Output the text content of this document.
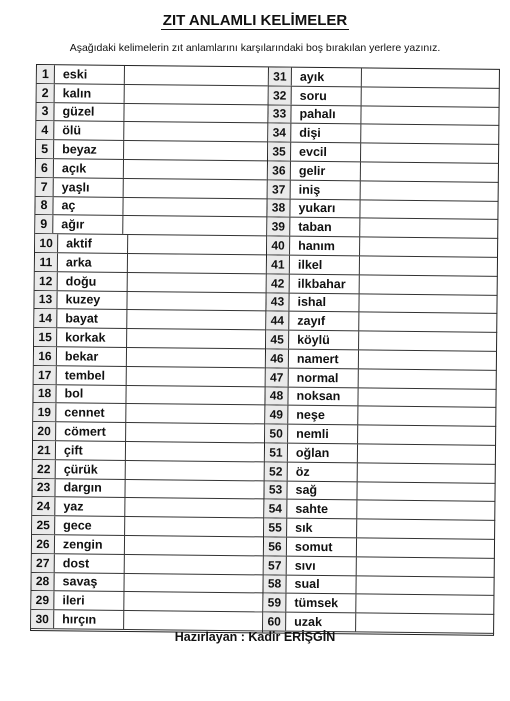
ZIT ANLAMLI KELİMELER
Aşağıdaki kelimelerin zıt anlamlarını karşılarındaki boş bırakılan yerlere yazınız.
1	eski
2	kalın
3	güzel
4	ölü
5	beyaz
6	açık
7	yaşlı
8	aç
9	ağır
10	aktif
11	arka
12	doğu
13	kuzey
14	bayat
15	korkak
16	bekar
17	tembel
18	bol
19	cennet
20	cömert
21	çift
22	çürük
23	dargın
24	yaz
25	gece
26	zengin
27	dost
28	savaş
29	ileri
30	hırçın
31	ayık
32	soru
33	pahalı
34	dişi
35	evcil
36	gelir
37	iniş
38	yukarı
39	taban
40	hanım
41	ilkel
42	ilkbahar
43	ishal
44	zayıf
45	köylü
46	namert
47	normal
48	noksan
49	neşe
50	nemli
51	oğlan
52	öz
53	sağ
54	sahte
55	sık
56	somut
57	sıvı
58	sual
59	tümsek
60	uzak
Hazırlayan : Kadir ERİŞGİN
